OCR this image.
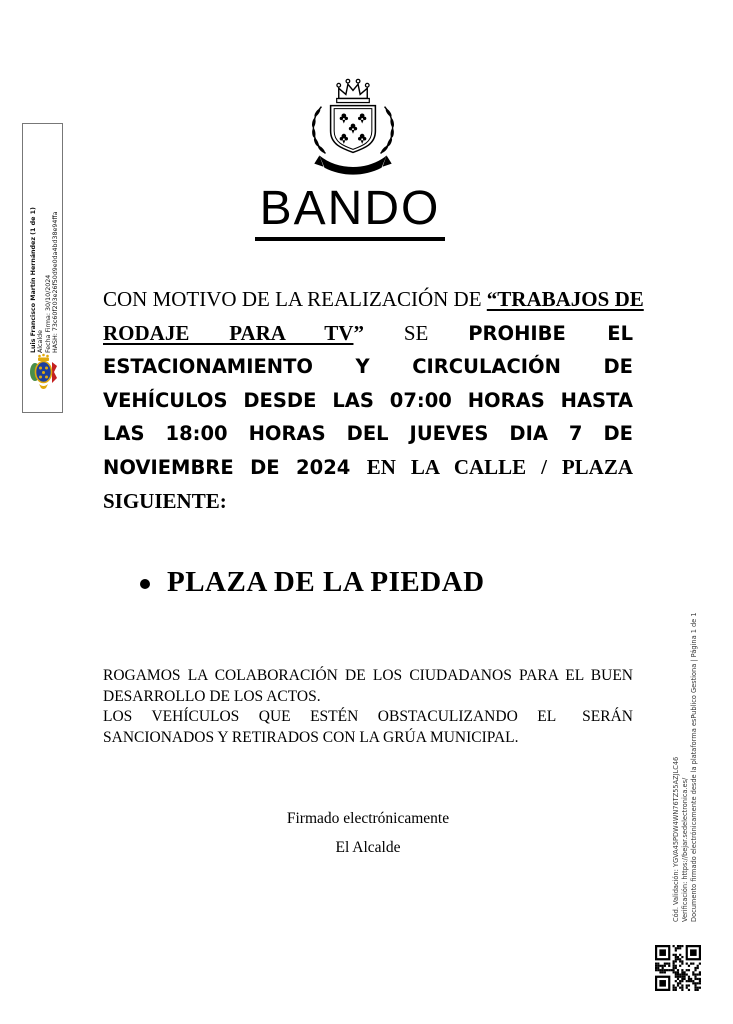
BANDO
CON MOTIVO DE LA REALIZACIÓN DE “TRABAJOS DE
RODAJE PARA TV” SE PROHIBE EL
ESTACIONAMIENTO Y CIRCULACIÓN DE
VEHÍCULOS DESDE LAS 07:00 HORAS HASTA
LAS 18:00 HORAS DEL JUEVES DIA 7 DE
NOVIEMBRE DE 2024 EN LA CALLE / PLAZA
SIGUIENTE:
PLAZA DE LA PIEDAD
ROGAMOS LA COLABORACIÓN DE LOS CIUDADANOS PARA EL BUEN
DESARROLLO DE LOS ACTOS.
LOS VEHÍCULOS QUE ESTÉN OBSTACULIZANDO EL SERÁN
SANCIONADOS Y RETIRADOS CON LA GRÚA MUNICIPAL.
Firmado electrónicamente
El Alcalde
Luis Francisco Martín Hernández (1 de 1) Alcalde Fecha Firma: 30/10/2024 HASH: 73c60f203e26f50d9e0da4bd38e94ffa
Cód. Validación: YGVA45PDW4WN76TZ55AZJLC46 Verificación: https://bejar.sedelectronica.es/ Documento firmado electrónicamente desde la plataforma esPublico Gestiona | Página 1 de 1
